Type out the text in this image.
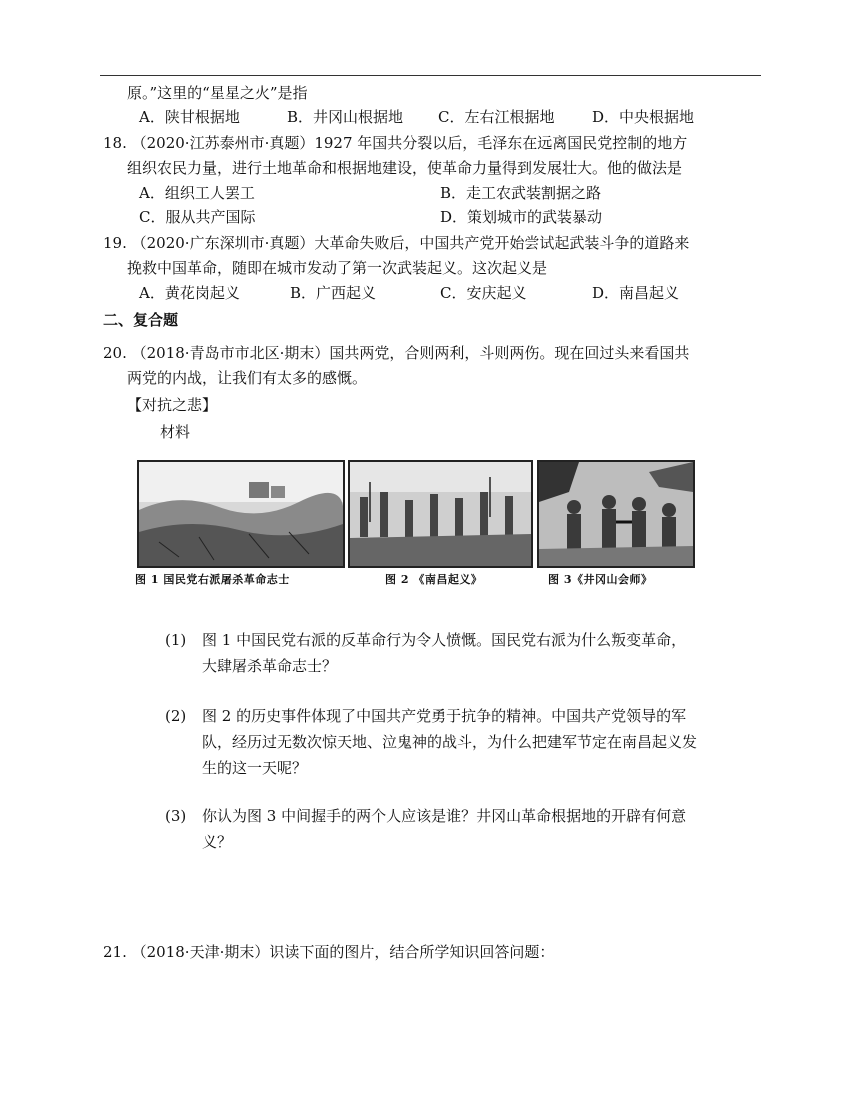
原。”这里的“星星之火”是指
A．陕甘根据地	B．井冈山根据地 C．左右江根据地	D．中央根据地
18. （2020·江苏泰州市·真题）1927 年国共分裂以后，毛泽东在远离国民党控制的地方
组织农民力量，进行土地革命和根据地建设，使革命力量得到发展壮大。他的做法是
A．组织工人罢工	B．走工农武装割据之路
C．服从共产国际	D．策划城市的武装暴动
19. （2020·广东深圳市·真题）大革命失败后，中国共产党开始尝试起武装斗争的道路来
挽救中国革命，随即在城市发动了第一次武装起义。这次起义是
A．黄花岗起义	B．广西起义	C．安庆起义	D．南昌起义
二、复合题
20. （2018·青岛市市北区·期末）国共两党，合则两利，斗则两伤。现在回过头来看国共
两党的内战，让我们有太多的感慨。
【对抗之悲】
材料
图 1 国民党右派屠杀革命志士	图 2 《南昌起义》	图 3《井冈山会师》
(1) 图 1 中国民党右派的反革命行为令人愤慨。国民党右派为什么叛变革命，
大肆屠杀革命志士？
(2) 图 2 的历史事件体现了中国共产党勇于抗争的精神。中国共产党领导的军
队，经历过无数次惊天地、泣鬼神的战斗，为什么把建军节定在南昌起义发
生的这一天呢？
(3) 你认为图 3 中间握手的两个人应该是谁？井冈山革命根据地的开辟有何意
义？
21. （2018·天津·期末）识读下面的图片，结合所学知识回答问题：
